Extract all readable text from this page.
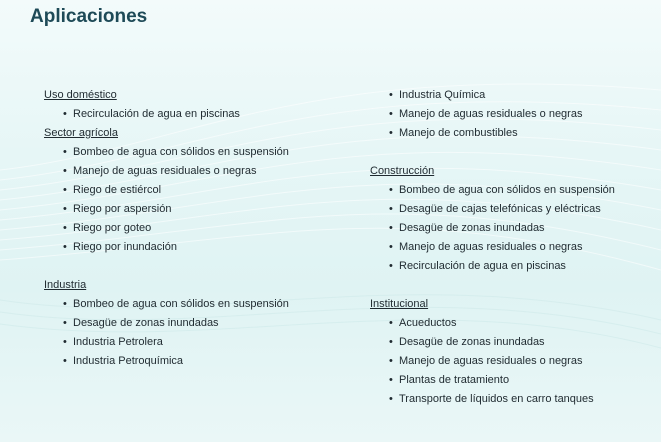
Aplicaciones

Uso doméstico

• Recirculación de agua en piscinas

Sector agrícola

• Bombeo de agua con sólidos en suspensión
• Manejo de aguas residuales o negras
• Riego de estiércol
• Riego por aspersión
• Riego por goteo
• Riego por inundación

Industria

• Bombeo de agua con sólidos en suspensión
• Desagüe de zonas inundadas
• Industria Petrolera
• Industria Petroquímica
• Industria Química
• Manejo de aguas residuales o negras
• Manejo de combustibles

Construcción

• Bombeo de agua con sólidos en suspensión
• Desagüe de cajas telefónicas y eléctricas
• Desagüe de zonas inundadas
• Manejo de aguas residuales o negras
• Recirculación de agua en piscinas

Institucional

• Acueductos
• Desagüe de zonas inundadas
• Manejo de aguas residuales o negras
• Plantas de tratamiento
• Transporte de líquidos en carro tanques
